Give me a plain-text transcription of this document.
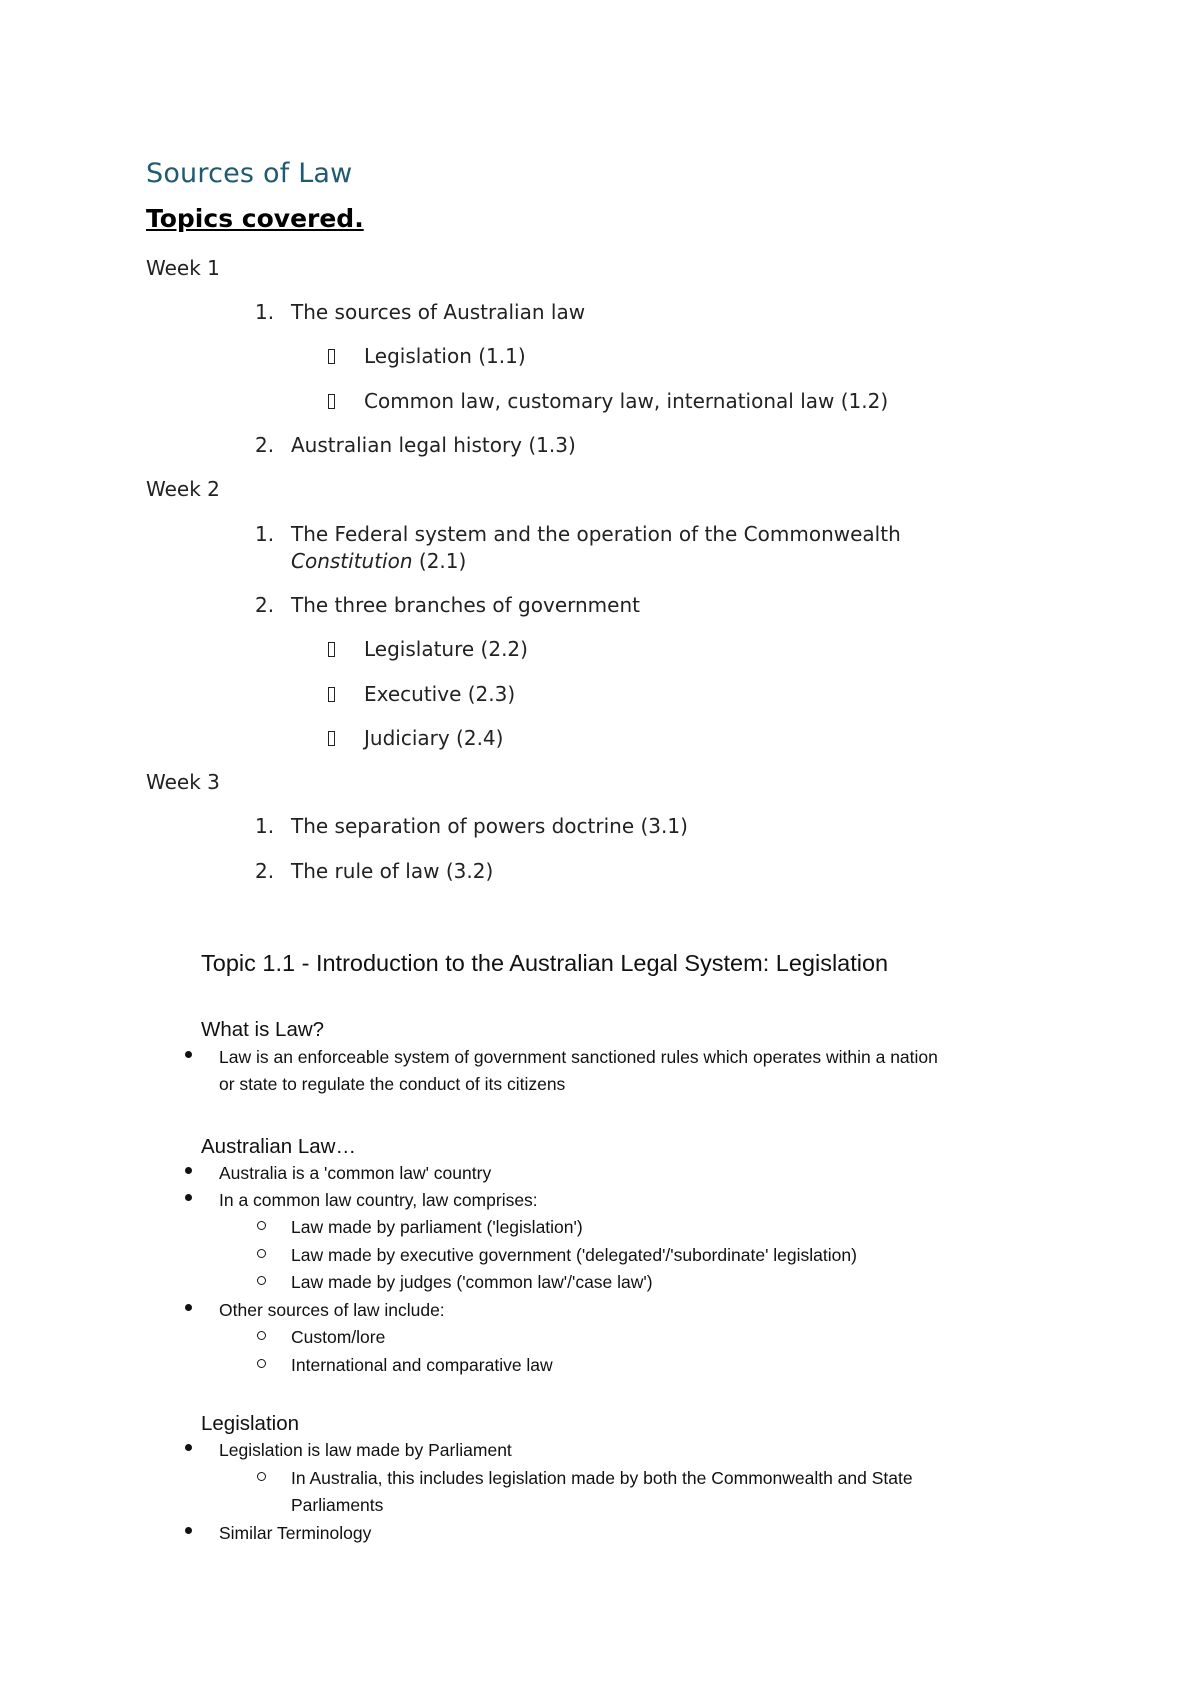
Sources of Law
Topics covered.
Week 1
1. The sources of Australian law
Legislation (1.1)
Common law, customary law, international law (1.2)
2. Australian legal history (1.3)
Week 2
1. The Federal system and the operation of the Commonwealth
Constitution (2.1)
2. The three branches of government
Legislature (2.2)
Executive (2.3)
Judiciary (2.4)
Week 3
1. The separation of powers doctrine (3.1)
2. The rule of law (3.2)
Topic 1.1 - Introduction to the Australian Legal System: Legislation
What is Law?
Law is an enforceable system of government sanctioned rules which operates within a nation
or state to regulate the conduct of its citizens
Australian Law…
Australia is a 'common law' country
In a common law country, law comprises:
Law made by parliament ('legislation')
Law made by executive government ('delegated'/'subordinate' legislation)
Law made by judges ('common law'/'case law')
Other sources of law include:
Custom/lore
International and comparative law
Legislation
Legislation is law made by Parliament
In Australia, this includes legislation made by both the Commonwealth and State
Parliaments
Similar Terminology
